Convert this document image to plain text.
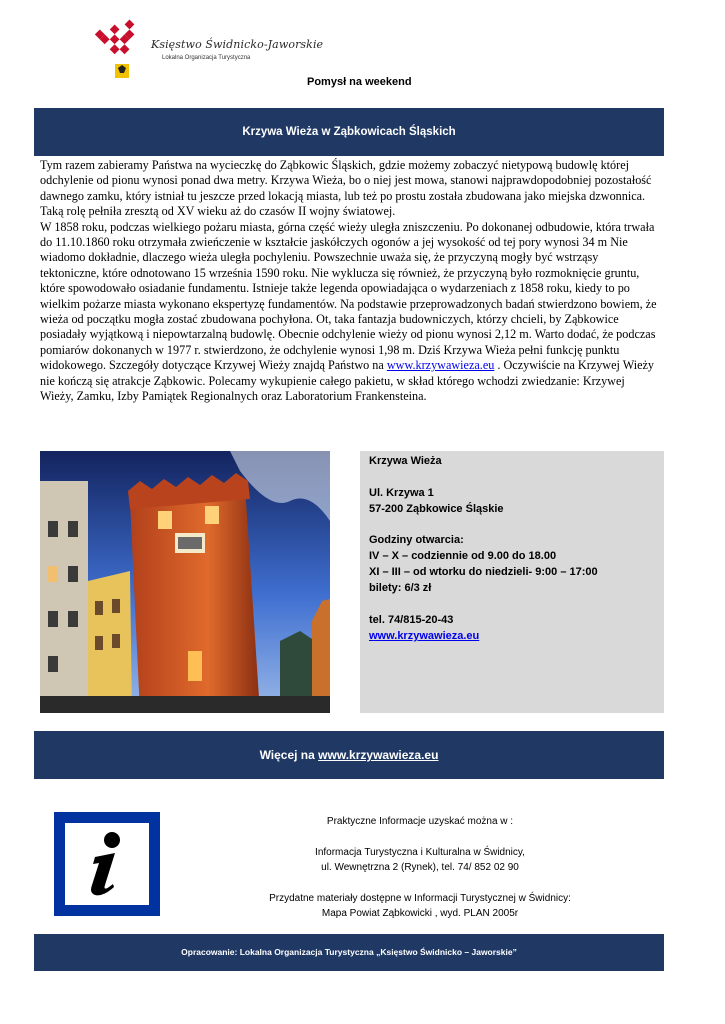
Księstwo Świdnicko-Jaworskie
Lokalna Organizacja Turystyczna
Pomysł na weekend
Krzywa Wieża w Ząbkowicach Śląskich

Tym razem zabieramy Państwa na wycieczkę do Ząbkowic Śląskich, gdzie możemy zobaczyć nietypową budowlę której odchylenie od pionu wynosi ponad dwa metry. Krzywa Wieża, bo o niej jest mowa, stanowi najprawdopodobniej pozostałość dawnego zamku, który istniał tu jeszcze przed lokacją miasta, lub też po prostu została zbudowana jako miejska dzwonnica. Taką rolę pełniła zresztą od XV wieku aż do czasów II wojny światowej.

W 1858 roku, podczas wielkiego pożaru miasta, górna część wieży uległa zniszczeniu. Po dokonanej odbudowie, która trwała do 11.10.1860 roku otrzymała zwieńczenie w kształcie jaskółczych ogonów a jej wysokość od tej pory wynosi 34 m Nie wiadomo dokładnie, dlaczego wieża uległa pochyleniu. Powszechnie uważa się, że przyczyną mogły być wstrząsy tektoniczne, które odnotowano 15 września 1590 roku. Nie wyklucza się również, że przyczyną było rozmoknięcie gruntu, które spowodowało osiadanie fundamentu. Istnieje także legenda opowiadająca o wydarzeniach z 1858 roku, kiedy to po wielkim pożarze miasta wykonano ekspertyzę fundamentów. Na podstawie przeprowadzonych badań stwierdzono bowiem, że wieża od początku mogła zostać zbudowana pochyłona. Ot, taka fantazja budowniczych, którzy chcieli, by Ząbkowice posiadały wyjątkową i niepowtarzalną budowlę. Obecnie odchylenie wieży od pionu wynosi 2,12 m. Warto dodać, że podczas pomiarów dokonanych w 1977 r. stwierdzono, że odchylenie wynosi 1,98 m. Dziś Krzywa Wieża pełni funkcję punktu widokowego. Szczegóły dotyczące Krzywej Wieży znajdą Państwo na www.krzywawieza.eu . Oczywiście na Krzywej Wieży nie kończą się atrakcje Ząbkowic. Polecamy wykupienie całego pakietu, w skład którego wchodzi zwiedzanie: Krzywej Wieży, Zamku, Izby Pamiątek Regionalnych oraz Laboratorium Frankensteina.

Krzywa Wieża
Ul. Krzywa 1
57-200 Ząbkowice Śląskie
Godziny otwarcia:
IV – X – codziennie od 9.00 do 18.00
XI – III – od wtorku do niedzieli- 9:00 – 17:00
bilety: 6/3 zł
tel. 74/815-20-43
www.krzywawieza.eu
Więcej na www.krzywawieza.eu
Praktyczne Informacje uzyskać można w :
Informacja Turystyczna i Kulturalna w Świdnicy,
ul. Wewnętrzna 2 (Rynek), tel. 74/ 852 02 90
Przydatne materiały dostępne w Informacji Turystycznej w Świdnicy:
Mapa Powiat Ząbkowicki , wyd. PLAN 2005r
Opracowanie: Lokalna Organizacja Turystyczna „Księstwo Świdnicko – Jaworskie”
